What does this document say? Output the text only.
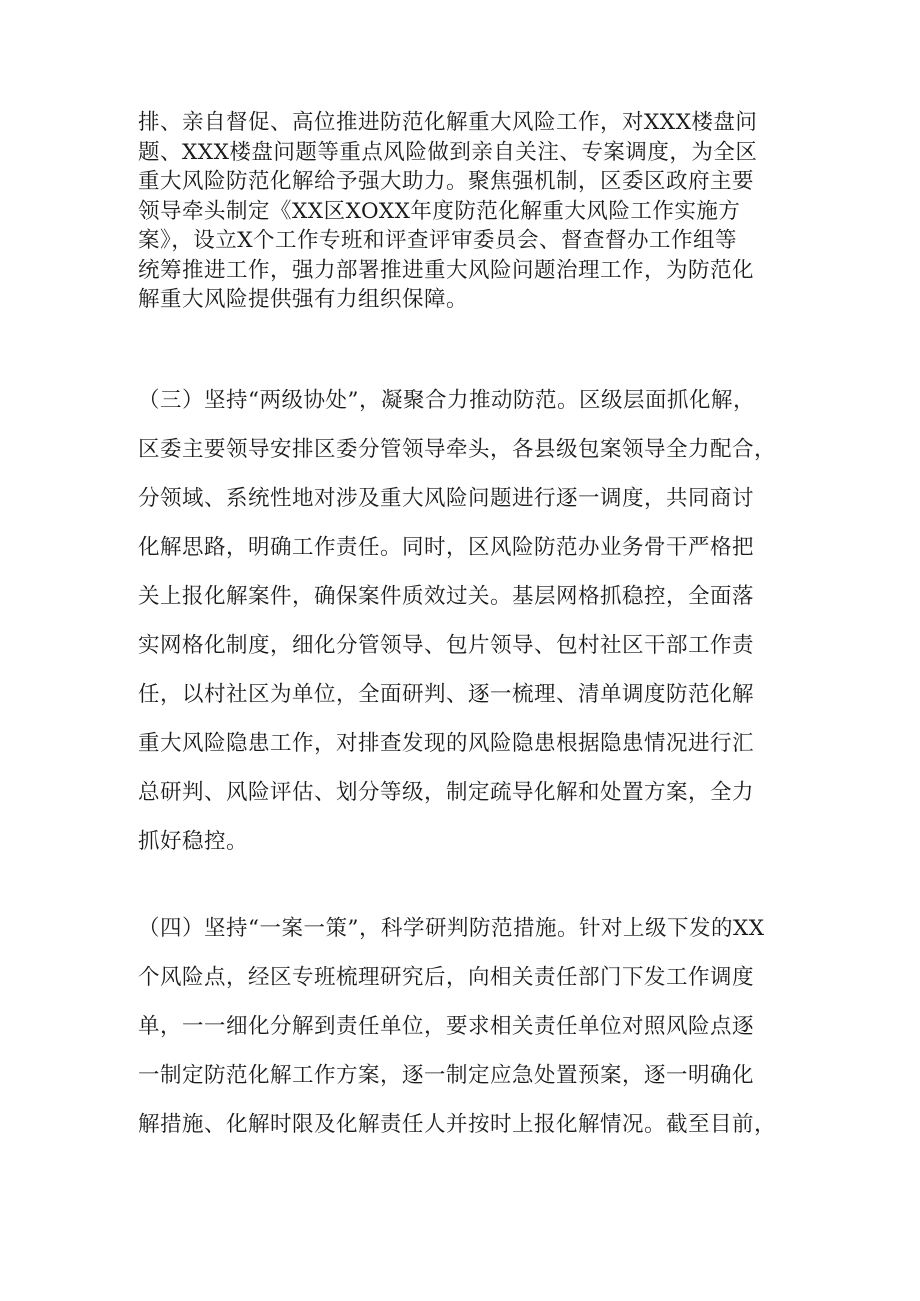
排、亲自督促、高位推进防范化解重大风险工作，对XXX楼盘问
题、XXX楼盘问题等重点风险做到亲自关注、专案调度，为全区
重大风险防范化解给予强大助力。聚焦强机制，区委区政府主要
领导牵头制定《XX区XOXX年度防范化解重大风险工作实施方
案》，设立X个工作专班和评查评审委员会、督查督办工作组等
统筹推进工作，强力部署推进重大风险问题治理工作，为防范化
解重大风险提供强有力组织保障。
（三）坚持“两级协处”，凝聚合力推动防范。区级层面抓化解，
区委主要领导安排区委分管领导牵头，各县级包案领导全力配合，
分领域、系统性地对涉及重大风险问题进行逐一调度，共同商讨
化解思路，明确工作责任。同时，区风险防范办业务骨干严格把
关上报化解案件，确保案件质效过关。基层网格抓稳控，全面落
实网格化制度，细化分管领导、包片领导、包村社区干部工作责
任，以村社区为单位，全面研判、逐一梳理、清单调度防范化解
重大风险隐患工作，对排查发现的风险隐患根据隐患情况进行汇
总研判、风险评估、划分等级，制定疏导化解和处置方案，全力
抓好稳控。
（四）坚持“一案一策”，科学研判防范措施。针对上级下发的XX
个风险点，经区专班梳理研究后，向相关责任部门下发工作调度
单，一一细化分解到责任单位，要求相关责任单位对照风险点逐
一制定防范化解工作方案，逐一制定应急处置预案，逐一明确化
解措施、化解时限及化解责任人并按时上报化解情况。截至目前，
